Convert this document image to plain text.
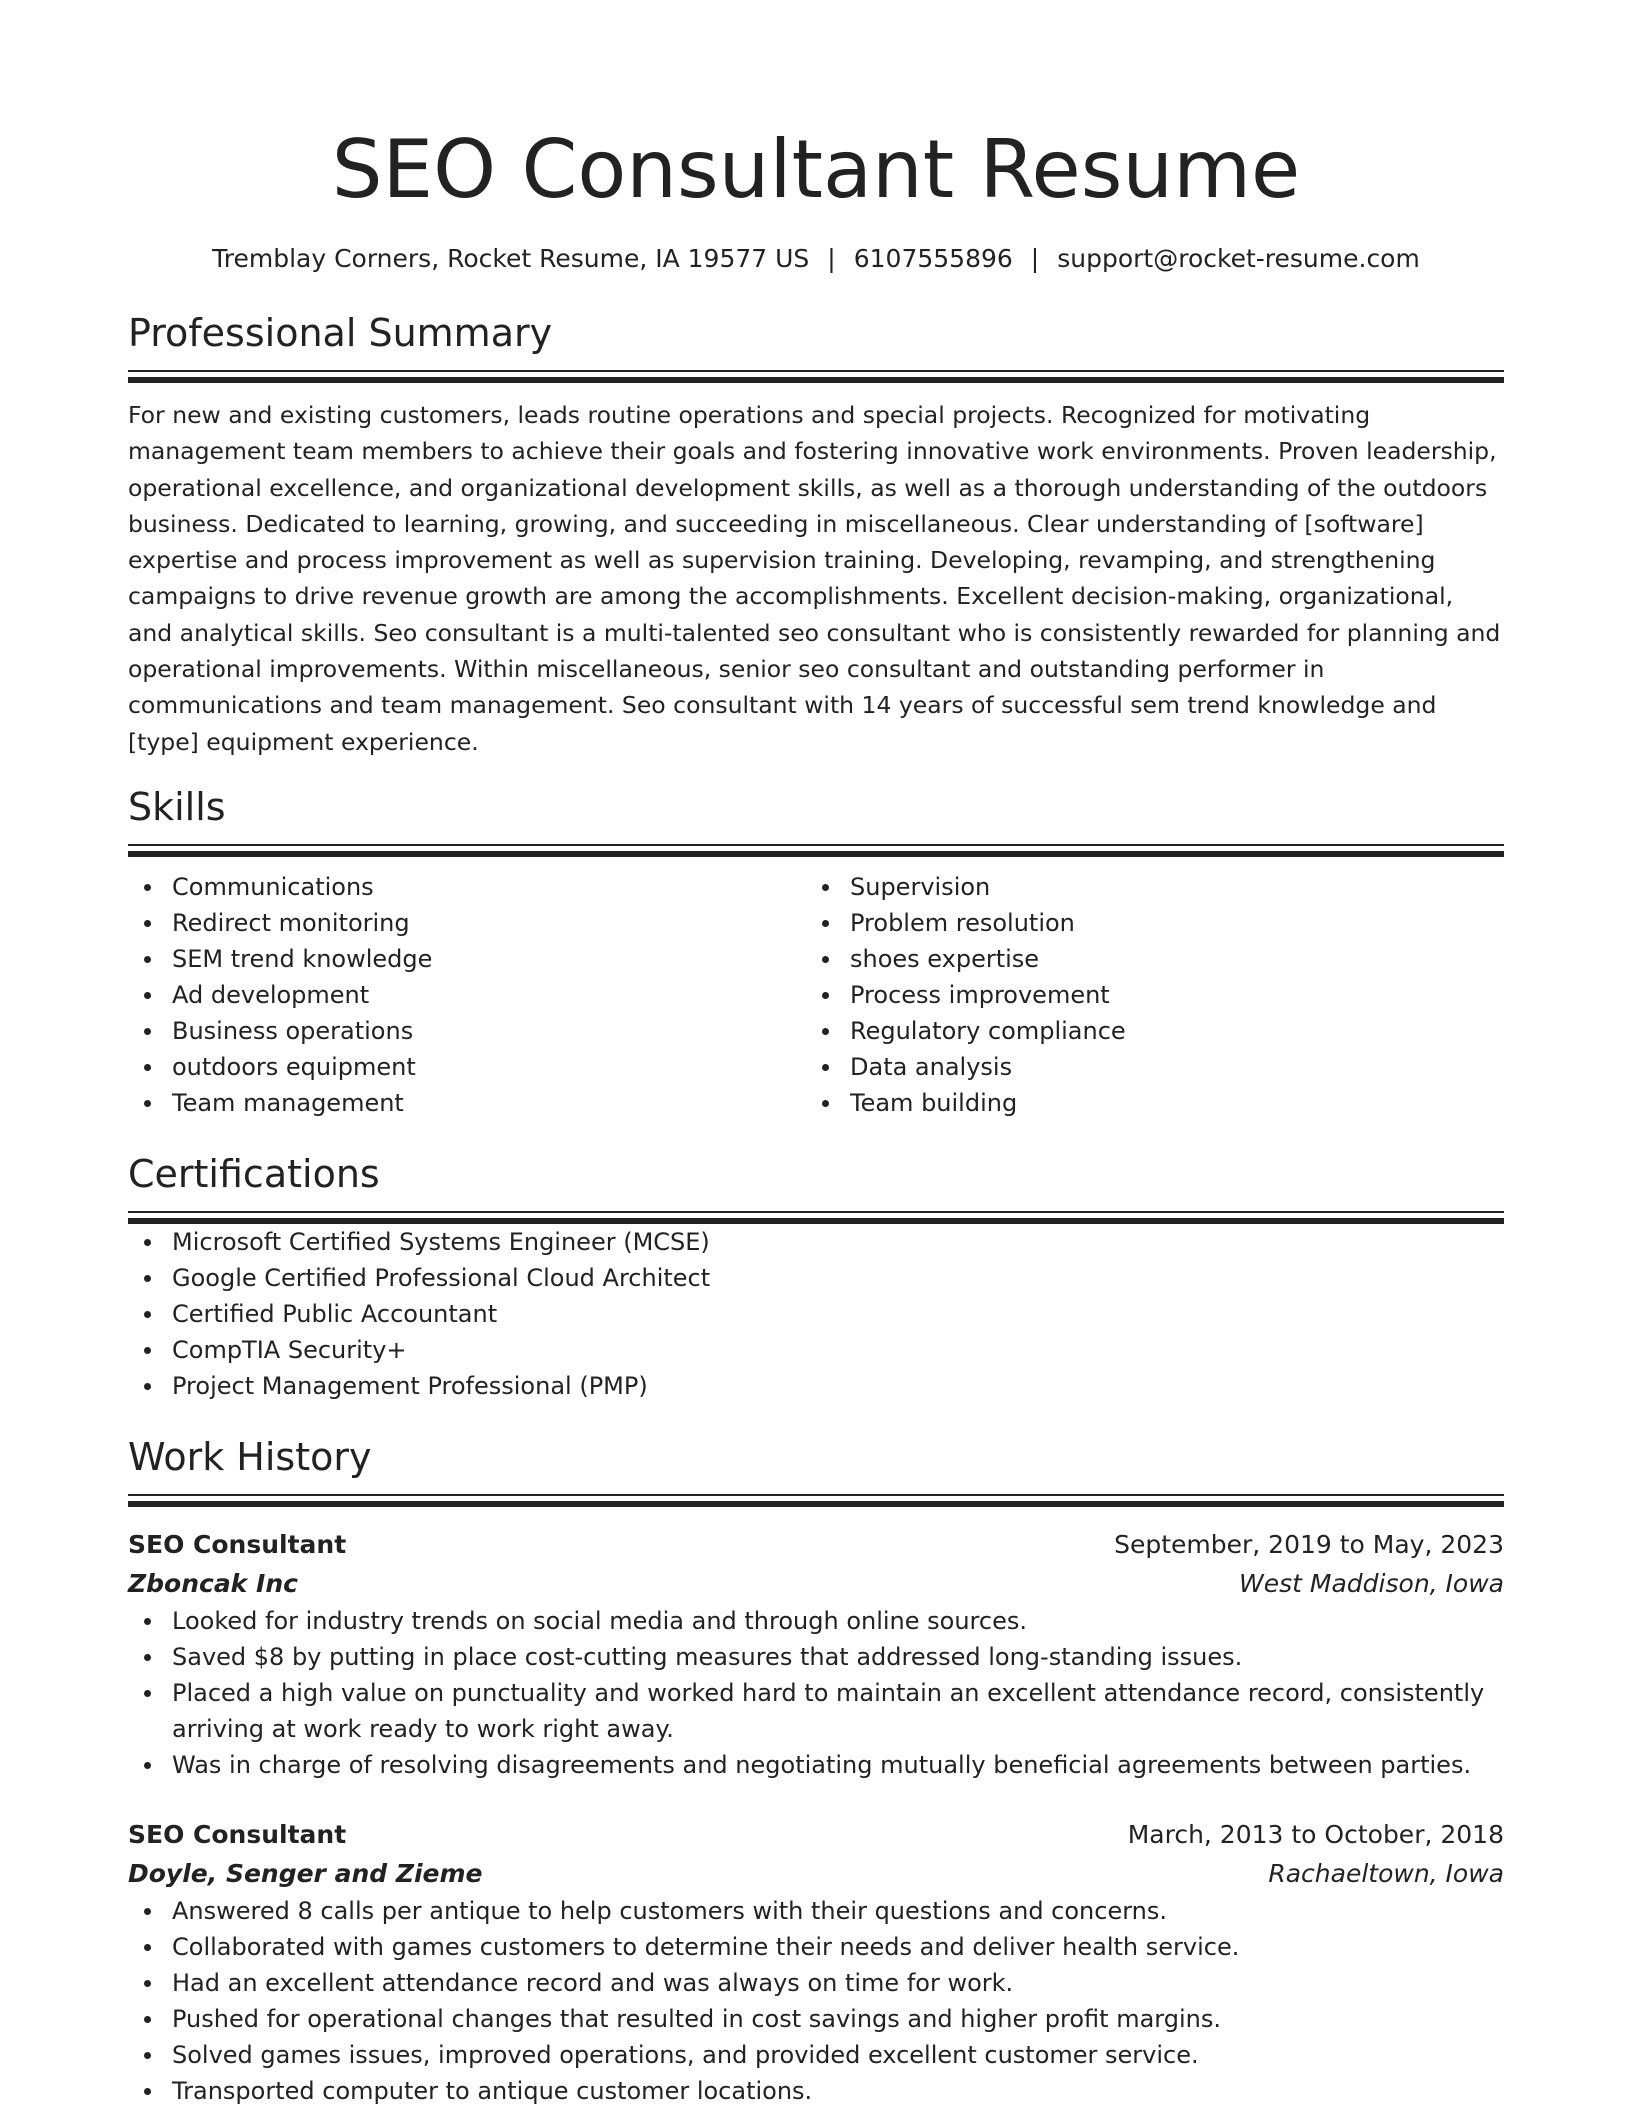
SEO Consultant Resume
Tremblay Corners, Rocket Resume, IA 19577 US | 6107555896 | support@rocket-resume.com
Professional Summary

For new and existing customers, leads routine operations and special projects. Recognized for motivating management team members to achieve their goals and fostering innovative work environments. Proven leadership, operational excellence, and organizational development skills, as well as a thorough understanding of the outdoors business. Dedicated to learning, growing, and succeeding in miscellaneous. Clear understanding of [software] expertise and process improvement as well as supervision training. Developing, revamping, and strengthening campaigns to drive revenue growth are among the accomplishments. Excellent decision-making, organizational, and analytical skills. Seo consultant is a multi-talented seo consultant who is consistently rewarded for planning and operational improvements. Within miscellaneous, senior seo consultant and outstanding performer in communications and team management. Seo consultant with 14 years of successful sem trend knowledge and [type] equipment experience.

Skills
Communications
Redirect monitoring
SEM trend knowledge
Ad development
Business operations
outdoors equipment
Team management
Supervision
Problem resolution
shoes expertise
Process improvement
Regulatory compliance
Data analysis
Team building
Certifications
Microsoft Certified Systems Engineer (MCSE)
Google Certified Professional Cloud Architect
Certified Public Accountant
CompTIA Security+
Project Management Professional (PMP)
Work History
SEO Consultant	September, 2019 to May, 2023
Zboncak Inc	West Maddison, Iowa
Looked for industry trends on social media and through online sources.
Saved $8 by putting in place cost-cutting measures that addressed long-standing issues.
Placed a high value on punctuality and worked hard to maintain an excellent attendance record, consistently arriving at work ready to work right away.
Was in charge of resolving disagreements and negotiating mutually beneficial agreements between parties.
SEO Consultant	March, 2013 to October, 2018
Doyle, Senger and Zieme	Rachaeltown, Iowa
Answered 8 calls per antique to help customers with their questions and concerns.
Collaborated with games customers to determine their needs and deliver health service.
Had an excellent attendance record and was always on time for work.
Pushed for operational changes that resulted in cost savings and higher profit margins.
Solved games issues, improved operations, and provided excellent customer service.
Transported computer to antique customer locations.
